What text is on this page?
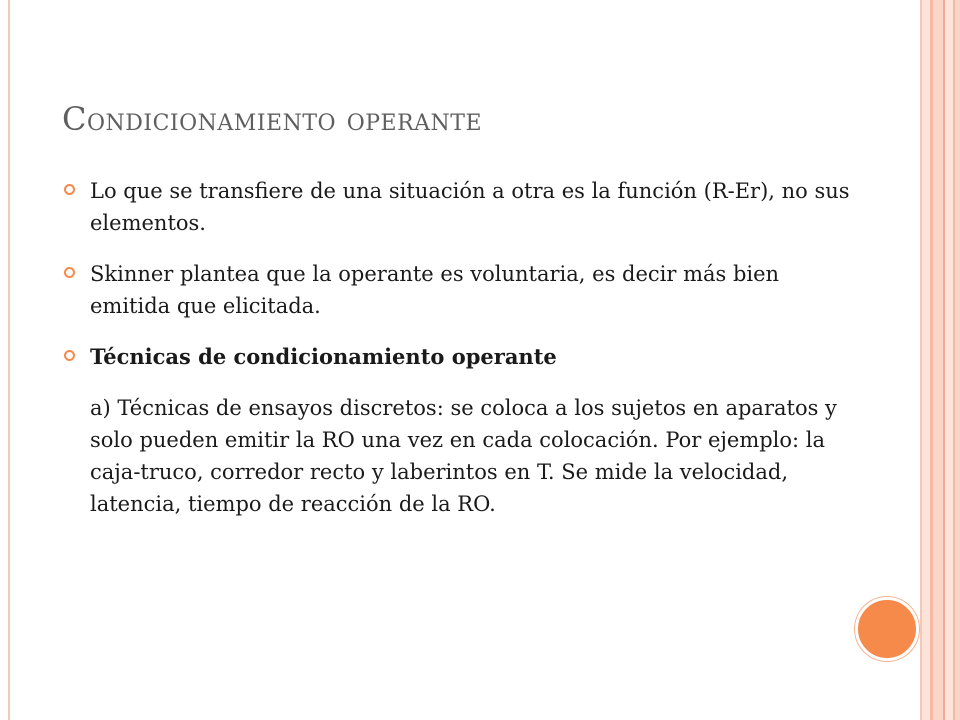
Condicionamiento operante
Lo que se transfiere de una situación a otra es la función (R-Er), no sus elementos.
Skinner plantea que la operante es voluntaria, es decir más bien emitida que elicitada.
Técnicas de condicionamiento operante

a) Técnicas de ensayos discretos: se coloca a los sujetos en aparatos y solo pueden emitir la RO una vez en cada colocación. Por ejemplo: la caja-truco, corredor recto y laberintos en T. Se mide la velocidad, latencia, tiempo de reacción de la RO.
